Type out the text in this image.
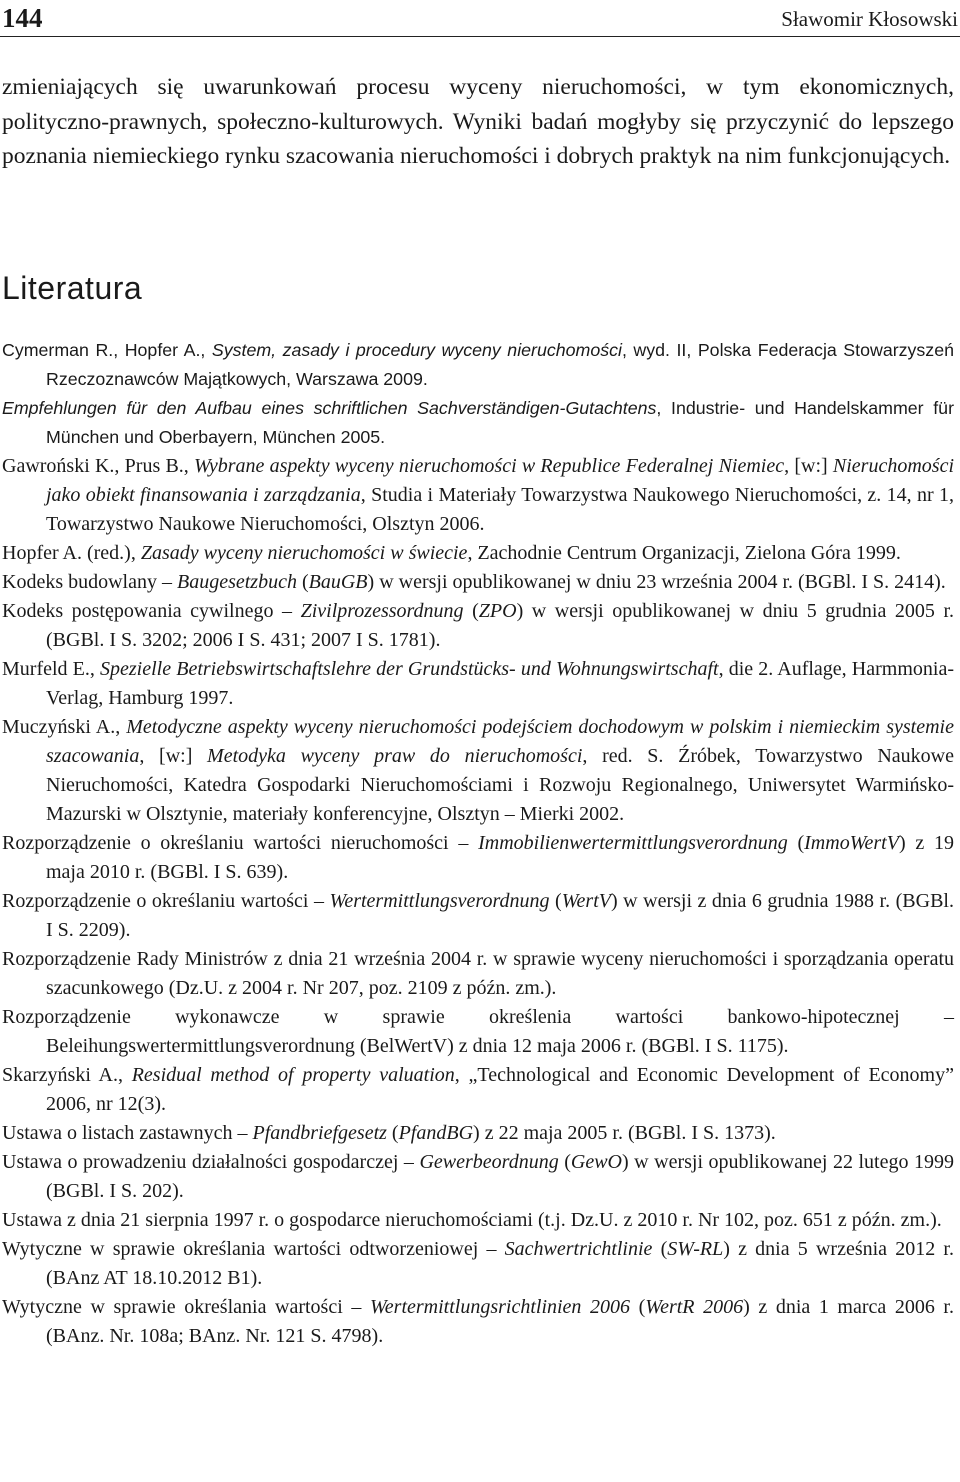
144	Sławomir Kłosowski

zmieniających się uwarunkowań procesu wyceny nieruchomości, w tym ekonomicznych, polityczno-prawnych, społeczno-kulturowych. Wyniki badań mogłyby się przyczynić do lepszego poznania niemieckiego rynku szacowania nieruchomości i dobrych praktyk na nim funkcjonujących.

Literatura
Cymerman R., Hopfer A., System, zasady i procedury wyceny nieruchomości, wyd. II, Polska Federacja Stowarzyszeń Rzeczoznawców Majątkowych, Warszawa 2009.
Empfehlungen für den Aufbau eines schriftlichen Sachverständigen-Gutachtens, Industrie- und Handelskammer für München und Oberbayern, München 2005.
Gawroński K., Prus B., Wybrane aspekty wyceny nieruchomości w Republice Federalnej Niemiec, [w:] Nieruchomości jako obiekt finansowania i zarządzania, Studia i Materiały Towarzystwa Naukowego Nieruchomości, z. 14, nr 1, Towarzystwo Naukowe Nieruchomości, Olsztyn 2006.
Hopfer A. (red.), Zasady wyceny nieruchomości w świecie, Zachodnie Centrum Organizacji, Zielona Góra 1999.
Kodeks budowlany – Baugesetzbuch (BauGB) w wersji opublikowanej w dniu 23 września 2004 r. (BGBl. I S. 2414).
Kodeks postępowania cywilnego – Zivilprozessordnung (ZPO) w wersji opublikowanej w dniu 5 grudnia 2005 r. (BGBl. I S. 3202; 2006 I S. 431; 2007 I S. 1781).
Murfeld E., Spezielle Betriebswirtschaftslehre der Grundstücks- und Wohnungswirtschaft, die 2. Auflage, Harmmonia-Verlag, Hamburg 1997.
Muczyński A., Metodyczne aspekty wyceny nieruchomości podejściem dochodowym w polskim i niemieckim systemie szacowania, [w:] Metodyka wyceny praw do nieruchomości, red. S. Źróbek, Towarzystwo Naukowe Nieruchomości, Katedra Gospodarki Nieruchomościami i Rozwoju Regionalnego, Uniwersytet Warmińsko-Mazurski w Olsztynie, materiały konferencyjne, Olsztyn – Mierki 2002.
Rozporządzenie o określaniu wartości nieruchomości – Immobilienwertermittlungsverordnung (ImmoWertV) z 19 maja 2010 r. (BGBl. I S. 639).
Rozporządzenie o określaniu wartości – Wertermittlungsverordnung (WertV) w wersji z dnia 6 grudnia 1988 r. (BGBl. I S. 2209).
Rozporządzenie Rady Ministrów z dnia 21 września 2004 r. w sprawie wyceny nieruchomości i sporządzania operatu szacunkowego (Dz.U. z 2004 r. Nr 207, poz. 2109 z późn. zm.).
Rozporządzenie wykonawcze w sprawie określenia wartości bankowo-hipotecznej – Beleihungswertermittlungsverordnung (BelWertV) z dnia 12 maja 2006 r. (BGBl. I S. 1175).
Skarzyński A., Residual method of property valuation, „Technological and Economic Development of Economy” 2006, nr 12(3).
Ustawa o listach zastawnych – Pfandbriefgesetz (PfandBG) z 22 maja 2005 r. (BGBl. I S. 1373).
Ustawa o prowadzeniu działalności gospodarczej – Gewerbeordnung (GewO) w wersji opublikowanej 22 lutego 1999 (BGBl. I S. 202).
Ustawa z dnia 21 sierpnia 1997 r. o gospodarce nieruchomościami (t.j. Dz.U. z 2010 r. Nr 102, poz. 651 z późn. zm.).
Wytyczne w sprawie określania wartości odtworzeniowej – Sachwertrichtlinie (SW-RL) z dnia 5 września 2012 r. (BAnz AT 18.10.2012 B1).
Wytyczne w sprawie określania wartości – Wertermittlungsrichtlinien 2006 (WertR 2006) z dnia 1 marca 2006 r. (BAnz. Nr. 108a; BAnz. Nr. 121 S. 4798).
